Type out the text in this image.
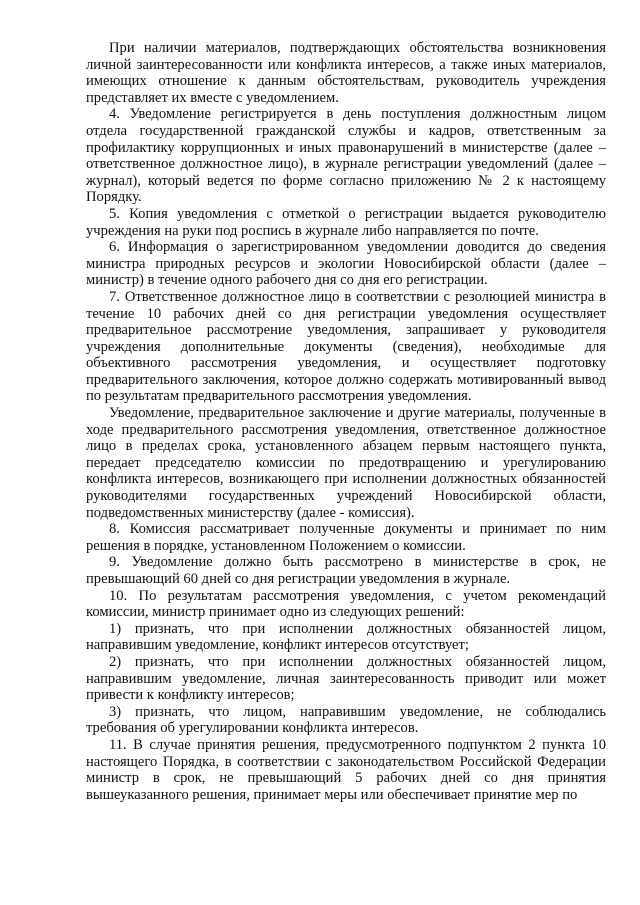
При наличии материалов, подтверждающих обстоятельства возникновения личной заинтересованности или конфликта интересов, а также иных материалов, имеющих отношение к данным обстоятельствам, руководитель учреждения представляет их вместе с уведомлением.

4. Уведомление регистрируется в день поступления должностным лицом отдела государственной гражданской службы и кадров, ответственным за профилактику коррупционных и иных правонарушений в министерстве (далее – ответственное должностное лицо), в журнале регистрации уведомлений (далее – журнал), который ведется по форме согласно приложению № 2 к настоящему Порядку.

5. Копия уведомления с отметкой о регистрации выдается руководителю учреждения на руки под роспись в журнале либо направляется по почте.

6. Информация о зарегистрированном уведомлении доводится до сведения министра природных ресурсов и экологии Новосибирской области (далее – министр) в течение одного рабочего дня со дня его регистрации.

7. Ответственное должностное лицо в соответствии с резолюцией министра в течение 10 рабочих дней со дня регистрации уведомления осуществляет предварительное рассмотрение уведомления, запрашивает у руководителя учреждения дополнительные документы (сведения), необходимые для объективного рассмотрения уведомления, и осуществляет подготовку предварительного заключения, которое должно содержать мотивированный вывод по результатам предварительного рассмотрения уведомления.

Уведомление, предварительное заключение и другие материалы, полученные в ходе предварительного рассмотрения уведомления, ответственное должностное лицо в пределах срока, установленного абзацем первым настоящего пункта, передает председателю комиссии по предотвращению и урегулированию конфликта интересов, возникающего при исполнении должностных обязанностей руководителями государственных учреждений Новосибирской области, подведомственных министерству (далее - комиссия).

8. Комиссия рассматривает полученные документы и принимает по ним решения в порядке, установленном Положением о комиссии.

9. Уведомление должно быть рассмотрено в министерстве в срок, не превышающий 60 дней со дня регистрации уведомления в журнале.

10. По результатам рассмотрения уведомления, с учетом рекомендаций комиссии, министр принимает одно из следующих решений:

1) признать, что при исполнении должностных обязанностей лицом, направившим уведомление, конфликт интересов отсутствует;

2) признать, что при исполнении должностных обязанностей лицом, направившим уведомление, личная заинтересованность приводит или может привести к конфликту интересов;

3) признать, что лицом, направившим уведомление, не соблюдались требования об урегулировании конфликта интересов.

11. В случае принятия решения, предусмотренного подпунктом 2 пункта 10 настоящего Порядка, в соответствии с законодательством Российской Федерации министр в срок, не превышающий 5 рабочих дней со дня принятия вышеуказанного решения, принимает меры или обеспечивает принятие мер по
